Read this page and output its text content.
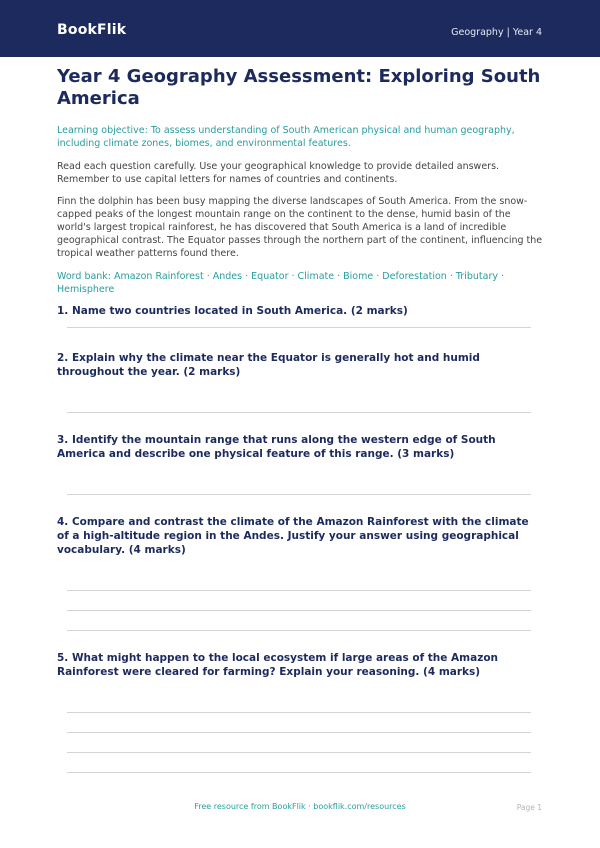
BookFlik	Geography | Year 4
Year 4 Geography Assessment: Exploring South America

Learning objective: To assess understanding of South American physical and human geography, including climate zones, biomes, and environmental features.

Read each question carefully. Use your geographical knowledge to provide detailed answers. Remember to use capital letters for names of countries and continents.

Finn the dolphin has been busy mapping the diverse landscapes of South America. From the snow-capped peaks of the longest mountain range on the continent to the dense, humid basin of the world's largest tropical rainforest, he has discovered that South America is a land of incredible geographical contrast. The Equator passes through the northern part of the continent, influencing the tropical weather patterns found there.

Word bank: Amazon Rainforest · Andes · Equator · Climate · Biome · Deforestation · Tributary · Hemisphere

1. Name two countries located in South America. (2 marks)
2. Explain why the climate near the Equator is generally hot and humid throughout the year. (2 marks)
3. Identify the mountain range that runs along the western edge of South America and describe one physical feature of this range. (3 marks)
4. Compare and contrast the climate of the Amazon Rainforest with the climate of a high-altitude region in the Andes. Justify your answer using geographical vocabulary. (4 marks)
5. What might happen to the local ecosystem if large areas of the Amazon Rainforest were cleared for farming? Explain your reasoning. (4 marks)
Free resource from BookFlik · bookflik.com/resources	Page 1
